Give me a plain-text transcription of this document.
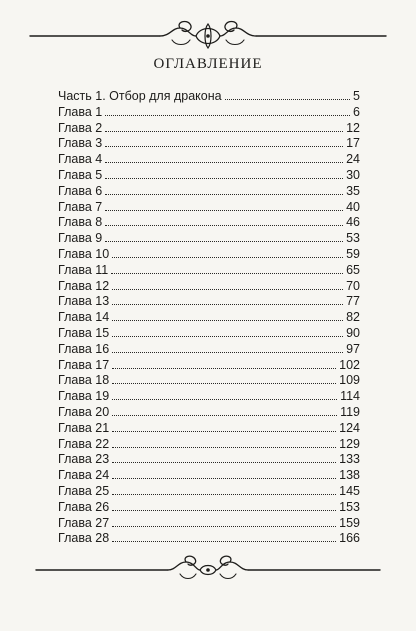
ОГЛАВЛЕНИЕ
Часть 1. Отбор для дракона	5
Глава 1	6
Глава 2	12
Глава 3	17
Глава 4	24
Глава 5	30
Глава 6	35
Глава 7	40
Глава 8	46
Глава 9	53
Глава 10	59
Глава 11	65
Глава 12	70
Глава 13	77
Глава 14	82
Глава 15	90
Глава 16	97
Глава 17	102
Глава 18	109
Глава 19	114
Глава 20	119
Глава 21	124
Глава 22	129
Глава 23	133
Глава 24	138
Глава 25	145
Глава 26	153
Глава 27	159
Глава 28	166
